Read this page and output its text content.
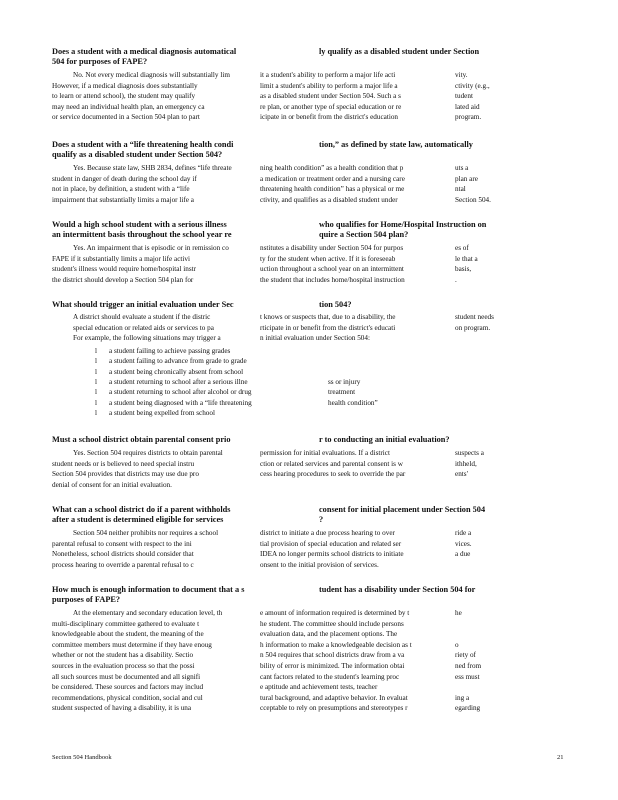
Does a student with a medical diagnosis automatical	ly qualify as a disabled student under Section
504 for purposes of FAPE?
No. Not every medical diagnosis will substantially lim	it a student's ability to perform a major life acti	vity.
However, if a medical diagnosis does substantially	limit a student's ability to perform a major life a	ctivity (e.g.,
to learn or attend school), the student may qualify	as a disabled student under Section 504. Such a s	tudent
may need an individual health plan, an emergency ca	re plan, or another type of special education or re	lated aid
or service documented in a Section 504 plan to part	icipate in or benefit from the district's education	program.
Does a student with a “life threatening health condi	tion,” as defined by state law, automatically
qualify as a disabled student under Section 504?
Yes. Because state law, SHB 2834, defines “life threate	ning health condition” as a health condition that p	uts a
student in danger of death during the school day if	a medication or treatment order and a nursing care	plan are
not in place, by definition, a student with a “life	threatening health condition” has a physical or me	ntal
impairment that substantially limits a major life a	ctivity, and qualifies as a disabled student under	Section 504.
Would a high school student with a serious illness	who qualifies for Home/Hospital Instruction on
an intermittent basis throughout the school year re	quire a Section 504 plan?
Yes. An impairment that is episodic or in remission co	nstitutes a disability under Section 504 for purpos	es of
FAPE if it substantially limits a major life activi	ty for the student when active. If it is foreseeab	le that a
student's illness would require home/hospital instr	uction throughout a school year on an intermittent	basis,
the district should develop a Section 504 plan for	the student that includes home/hospital instruction	.
What should trigger an initial evaluation under Sec	tion 504?
A district should evaluate a student if the distric	t knows or suspects that, due to a disability, the	student needs
special education or related aids or services to pa	rticipate in or benefit from the district's educati	on program.
For example, the following situations may trigger a	n initial evaluation under Section 504:
l a student failing to achieve passing grades
l a student failing to advance from grade to grade
l a student being chronically absent from school
l a student returning to school after a serious illne	ss or injury
l a student returning to school after alcohol or drug	treatment
l a student being diagnosed with a “life threatening	health condition”
l a student being expelled from school
Must a school district obtain parental consent prio	r to conducting an initial evaluation?
Yes. Section 504 requires districts to obtain parental	permission for initial evaluations. If a district	suspects a
student needs or is believed to need special instru	ction or related services and parental consent is w	ithheld,
Section 504 provides that districts may use due pro	cess hearing procedures to seek to override the par	ents'
denial of consent for an initial evaluation.
What can a school district do if a parent withholds	consent for initial placement under Section 504
after a student is determined eligible for services	?
Section 504 neither prohibits nor requires a school	district to initiate a due process hearing to over	ride a
parental refusal to consent with respect to the ini	tial provision of special education and related ser	vices.
Nonetheless, school districts should consider that	IDEA no longer permits school districts to initiate	a due
process hearing to override a parental refusal to c	onsent to the initial provision of services.
How much is enough information to document that a s	tudent has a disability under Section 504 for
purposes of FAPE?
At the elementary and secondary education level, th	e amount of information required is determined by t	he
multi-disciplinary committee gathered to evaluate t	he student. The committee should include persons
knowledgeable about the student, the meaning of the	evaluation data, and the placement options. The
committee members must determine if they have enoug	h information to make a knowledgeable decision as t	o
whether or not the student has a disability. Sectio	n 504 requires that school districts draw from a va	riety of
sources in the evaluation process so that the possi	bility of error is minimized. The information obtai	ned from
all such sources must be documented and all signifi	cant factors related to the student's learning proc	ess must
be considered. These sources and factors may includ	e aptitude and achievement tests, teacher
recommendations, physical condition, social and cul	tural background, and adaptive behavior. In evaluat	ing a
student suspected of having a disability, it is una	cceptable to rely on presumptions and stereotypes r	egarding
Section 504 Handbook	21
